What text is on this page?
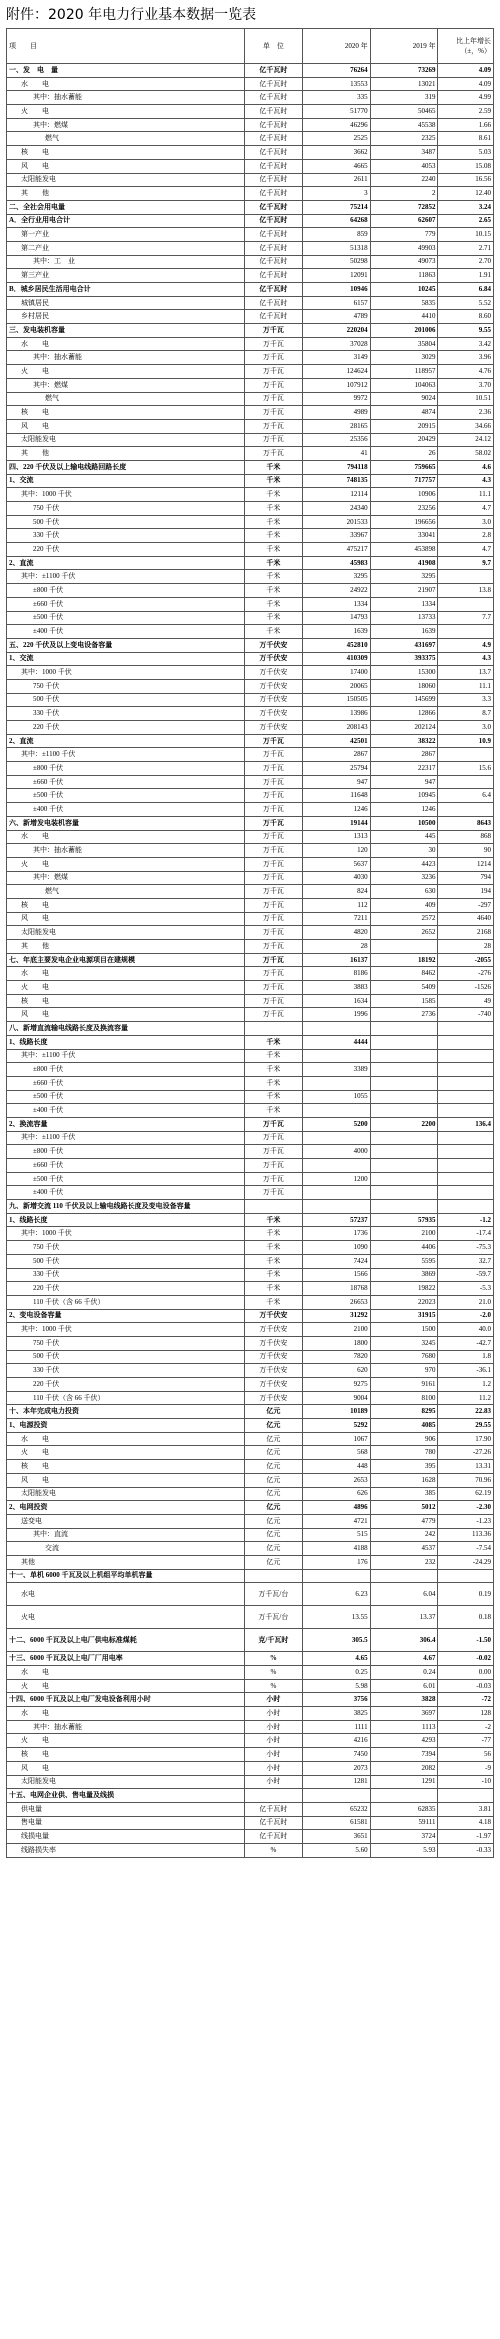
附件：2020 年电力行业基本数据一览表
项　　目	单　位	2020 年	2019 年	比上年增长（±，%）
一、发　电　量	亿千瓦时	76264	73269	4.09
水　　电	亿千瓦时	13553	13021	4.09
其中：抽水蓄能	亿千瓦时	335	319	4.99
火　　电	亿千瓦时	51770	50465	2.59
其中：燃煤	亿千瓦时	46296	45538	1.66
燃气	亿千瓦时	2525	2325	8.61
核　　电	亿千瓦时	3662	3487	5.03
风　　电	亿千瓦时	4665	4053	15.08
太阳能发电	亿千瓦时	2611	2240	16.56
其　　他	亿千瓦时	3	2	12.40
二、全社会用电量	亿千瓦时	75214	72852	3.24
A．全行业用电合计	亿千瓦时	64268	62607	2.65
第一产业	亿千瓦时	859	779	10.15
第二产业	亿千瓦时	51318	49903	2.71
其中：工　业	亿千瓦时	50298	49073	2.70
第三产业	亿千瓦时	12091	11863	1.91
B．城乡居民生活用电合计	亿千瓦时	10946	10245	6.84
城镇居民	亿千瓦时	6157	5835	5.52
乡村居民	亿千瓦时	4789	4410	8.60
三、发电装机容量	万千瓦	220204	201006	9.55
水　　电	万千瓦	37028	35804	3.42
其中：抽水蓄能	万千瓦	3149	3029	3.96
火　　电	万千瓦	124624	118957	4.76
其中：燃煤	万千瓦	107912	104063	3.70
燃气	万千瓦	9972	9024	10.51
核　　电	万千瓦	4989	4874	2.36
风　　电	万千瓦	28165	20915	34.66
太阳能发电	万千瓦	25356	20429	24.12
其　　他	万千瓦	41	26	58.02
四、220 千伏及以上输电线路回路长度	千米	794118	759665	4.6
1、交流	千米	748135	717757	4.3
其中：1000 千伏	千米	12114	10906	11.1
750 千伏	千米	24340	23256	4.7
500 千伏	千米	201533	196656	3.0
330 千伏	千米	33967	33041	2.8
220 千伏	千米	475217	453898	4.7
2、直流	千米	45983	41908	9.7
其中：±1100 千伏	千米	3295	3295	
±800 千伏	千米	24922	21907	13.8
±660 千伏	千米	1334	1334	
±500 千伏	千米	14793	13733	7.7
±400 千伏	千米	1639	1639	
五、220 千伏及以上变电设备容量	万千伏安	452810	431697	4.9
1、交流	万千伏安	410309	393375	4.3
其中：1000 千伏	万千伏安	17400	15300	13.7
750 千伏	万千伏安	20065	18060	11.1
500 千伏	万千伏安	150505	145699	3.3
330 千伏	万千伏安	13986	12866	8.7
220 千伏	万千伏安	208143	202124	3.0
2、直流	万千瓦	42501	38322	10.9
其中：±1100 千伏	万千瓦	2867	2867	
±800 千伏	万千瓦	25794	22317	15.6
±660 千伏	万千瓦	947	947	
±500 千伏	万千瓦	11648	10945	6.4
±400 千伏	万千瓦	1246	1246	
六、新增发电装机容量	万千瓦	19144	10500	8643
水　　电	万千瓦	1313	445	868
其中：抽水蓄能	万千瓦	120	30	90
火　　电	万千瓦	5637	4423	1214
其中：燃煤	万千瓦	4030	3236	794
燃气	万千瓦	824	630	194
核　　电	万千瓦	112	409	-297
风　　电	万千瓦	7211	2572	4640
太阳能发电	万千瓦	4820	2652	2168
其　　他	万千瓦	28		28
七、年底主要发电企业电源项目在建规模	万千瓦	16137	18192	-2055
水　　电	万千瓦	8186	8462	-276
火　　电	万千瓦	3883	5409	-1526
核　　电	万千瓦	1634	1585	49
风　　电	万千瓦	1996	2736	-740
八、新增直流输电线路长度及换流容量				
1、线路长度	千米	4444		
其中：±1100 千伏	千米			
±800 千伏	千米	3389		
±660 千伏	千米			
±500 千伏	千米	1055		
±400 千伏	千米			
2、换流容量	万千瓦	5200	2200	136.4
其中：±1100 千伏	万千瓦			
±800 千伏	万千瓦	4000		
±660 千伏	万千瓦			
±500 千伏	万千瓦	1200		
±400 千伏	万千瓦			
九、新增交流 110 千伏及以上输电线路长度及变电设备容量				
1、线路长度	千米	57237	57935	-1.2
其中：1000 千伏	千米	1736	2100	-17.4
750 千伏	千米	1090	4406	-75.3
500 千伏	千米	7424	5595	32.7
330 千伏	千米	1566	3869	-59.7
220 千伏	千米	18768	19822	-5.3
110 千伏（含 66 千伏）	千米	26653	22023	21.0
2、变电设备容量	万千伏安	31292	31915	-2.0
其中：1000 千伏	万千伏安	2100	1500	40.0
750 千伏	万千伏安	1800	3245	-42.7
500 千伏	万千伏安	7820	7680	1.8
330 千伏	万千伏安	620	970	-36.1
220 千伏	万千伏安	9275	9161	1.2
110 千伏（含 66 千伏）	万千伏安	9004	8100	11.2
十、本年完成电力投资	亿元	10189	8295	22.83
1、电源投资	亿元	5292	4085	29.55
水　　电	亿元	1067	906	17.90
火　　电	亿元	568	780	-27.26
核　　电	亿元	448	395	13.31
风　　电	亿元	2653	1628	70.96
太阳能发电	亿元	626	385	62.19
2、电网投资	亿元	4896	5012	-2.30
送变电	亿元	4721	4779	-1.23
其中：直流	亿元	515	242	113.36
交流	亿元	4188	4537	-7.54
其他	亿元	176	232	-24.29
十一、单机 6000 千瓦及以上机组平均单机容量				
水电	万千瓦/台	6.23	6.04	0.19
火电	万千瓦/台	13.55	13.37	0.18
十二、6000 千瓦及以上电厂供电标准煤耗	克/千瓦时	305.5	306.4	-1.50
十三、6000 千瓦及以上电厂厂用电率	%	4.65	4.67	-0.02
水　　电	%	0.25	0.24	0.00
火　　电	%	5.98	6.01	-0.03
十四、6000 千瓦及以上电厂发电设备利用小时	小时	3756	3828	-72
水　　电	小时	3825	3697	128
其中：抽水蓄能	小时	1111	1113	-2
火　　电	小时	4216	4293	-77
核　　电	小时	7450	7394	56
风　　电	小时	2073	2082	-9
太阳能发电	小时	1281	1291	-10
十五、电网企业供、售电量及线损				
供电量	亿千瓦时	65232	62835	3.81
售电量	亿千瓦时	61581	59111	4.18
线损电量	亿千瓦时	3651	3724	-1.97
线路损失率	%	5.60	5.93	-0.33
